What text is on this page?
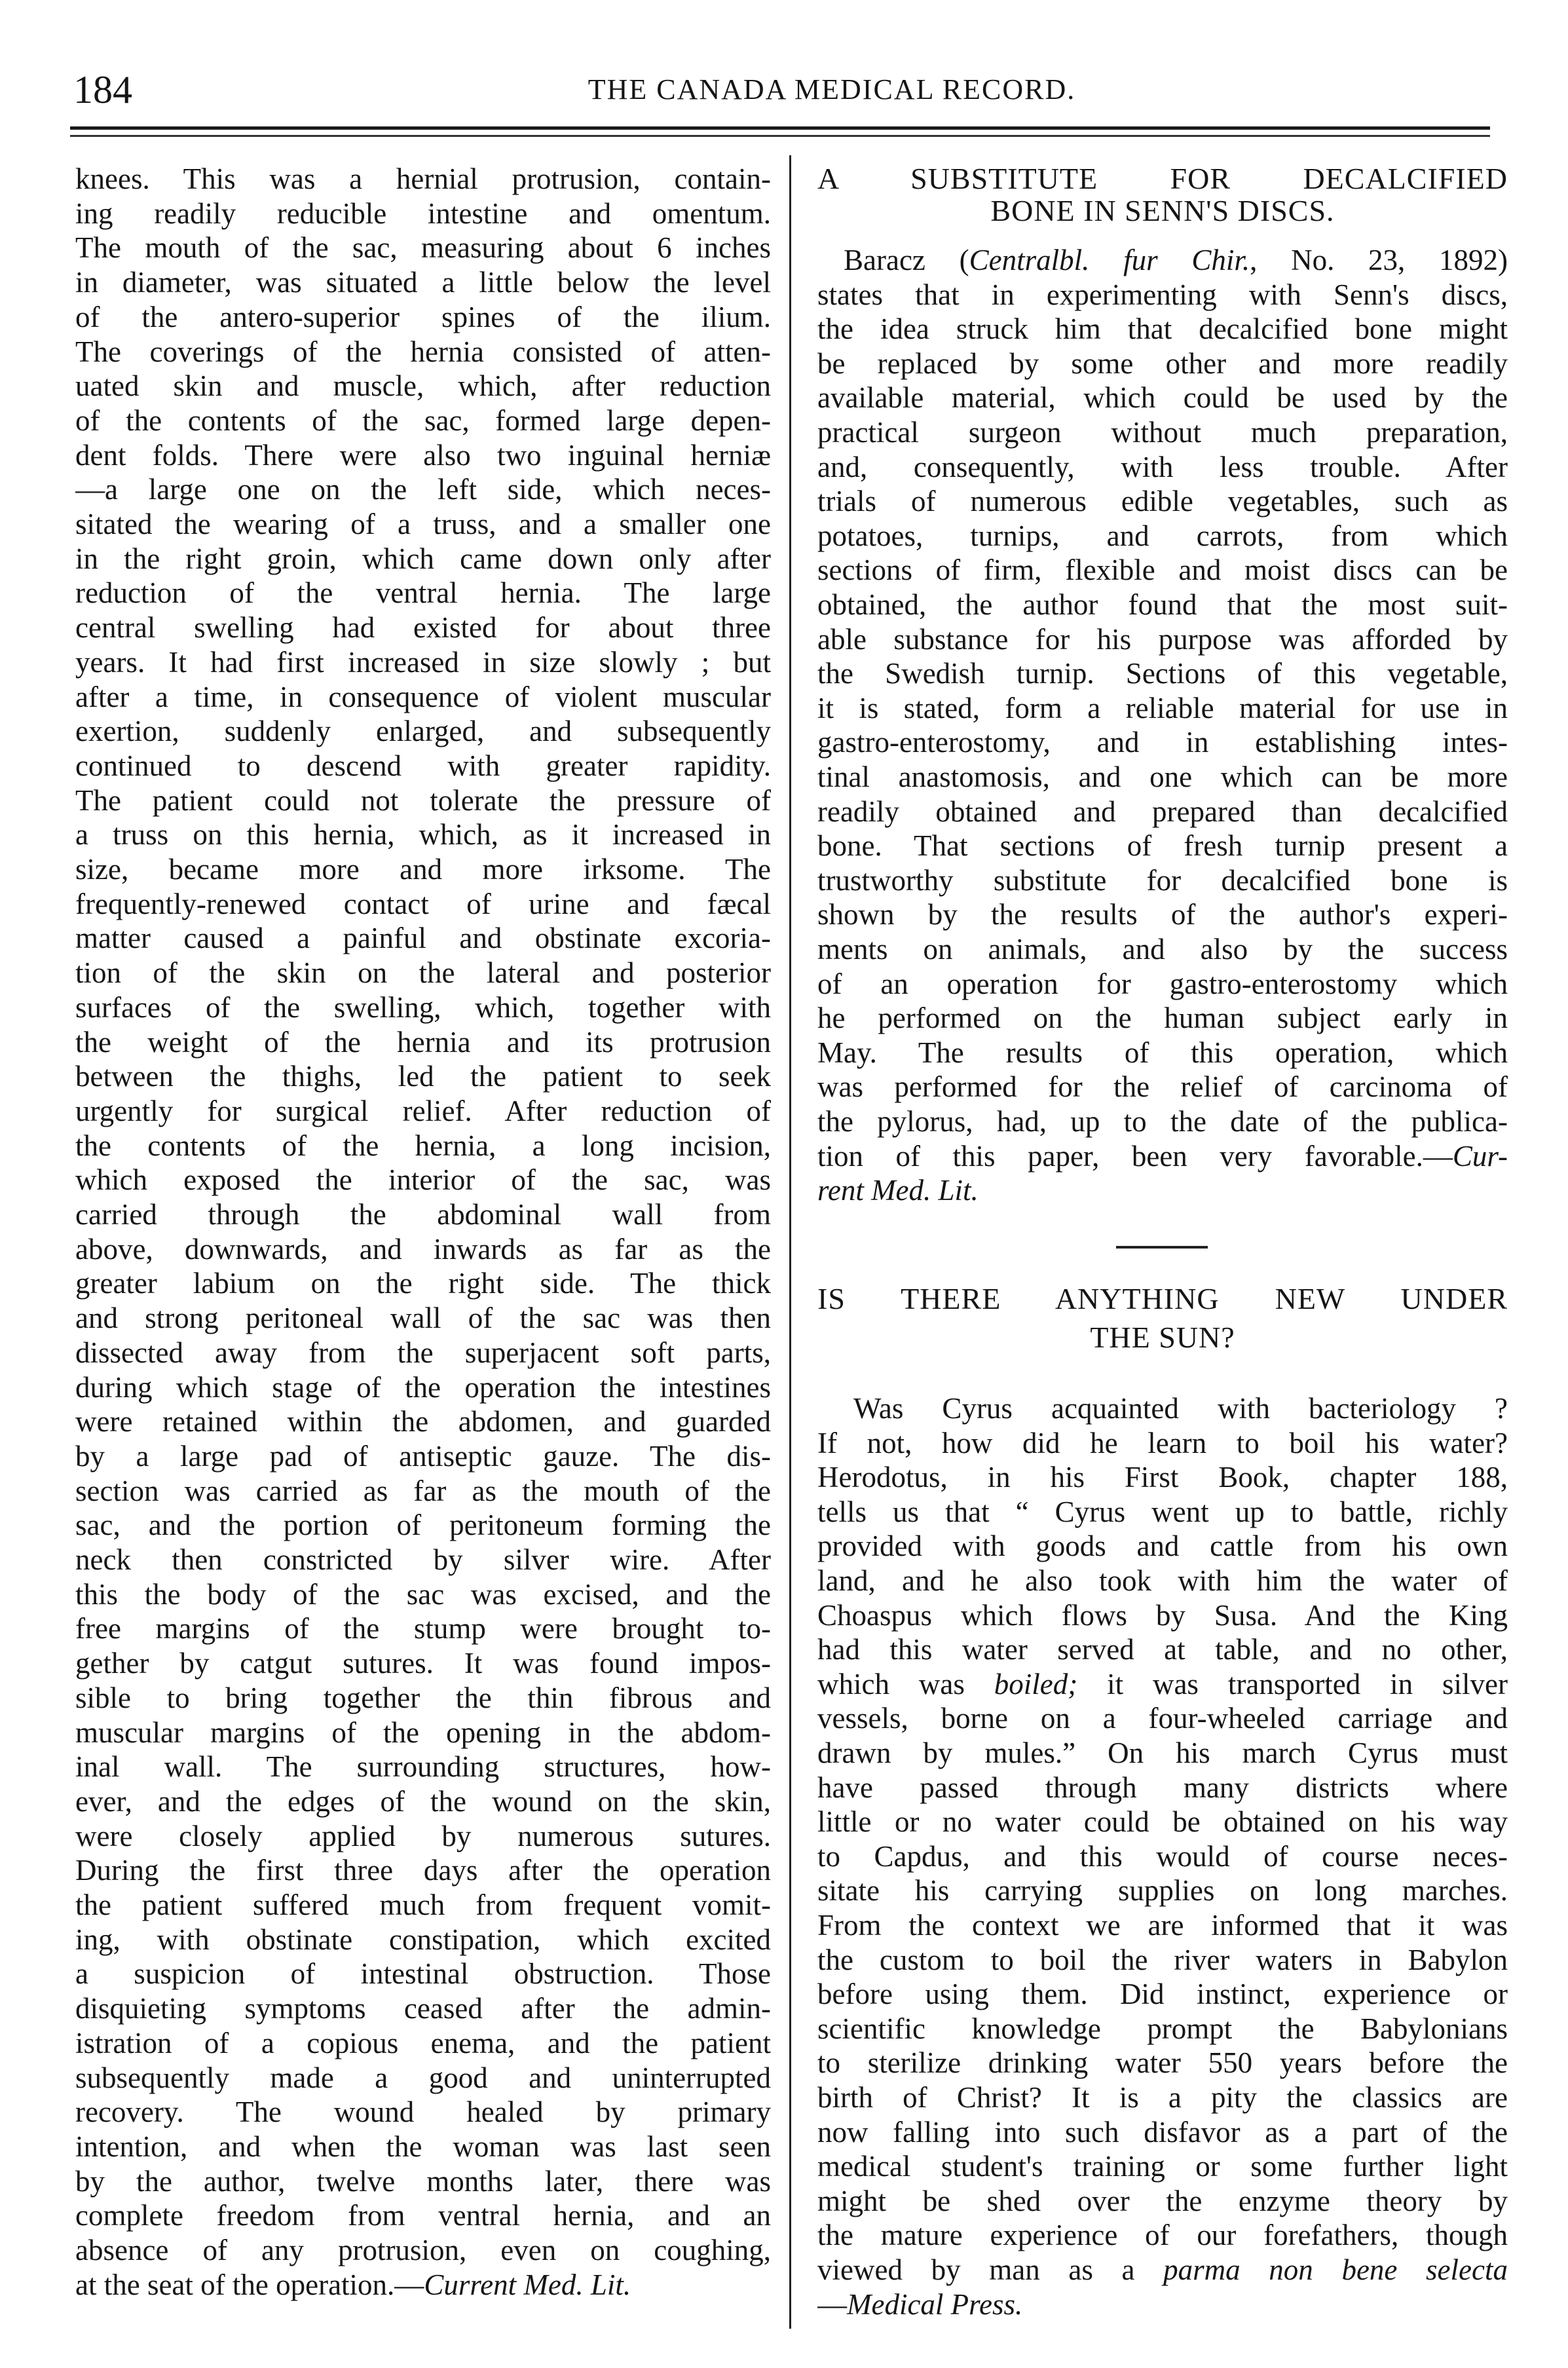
184	THE CANADA MEDICAL RECORD.
knees. This was a hernial protrusion, contain-
ing readily reducible intestine and omentum.
The mouth of the sac, measuring about 6 inches
in diameter, was situated a little below the level
of the antero-superior spines of the ilium.
The coverings of the hernia consisted of atten-
uated skin and muscle, which, after reduction
of the contents of the sac, formed large depen-
dent folds. There were also two inguinal herniæ
—a large one on the left side, which neces-
sitated the wearing of a truss, and a smaller one
in the right groin, which came down only after
reduction of the ventral hernia. The large
central swelling had existed for about three
years. It had first increased in size slowly ; but
after a time, in consequence of violent muscular
exertion, suddenly enlarged, and subsequently
continued to descend with greater rapidity.
The patient could not tolerate the pressure of
a truss on this hernia, which, as it increased in
size, became more and more irksome. The
frequently-renewed contact of urine and fæcal
matter caused a painful and obstinate excoria-
tion of the skin on the lateral and posterior
surfaces of the swelling, which, together with
the weight of the hernia and its protrusion
between the thighs, led the patient to seek
urgently for surgical relief. After reduction of
the contents of the hernia, a long incision,
which exposed the interior of the sac, was
carried through the abdominal wall from
above, downwards, and inwards as far as the
greater labium on the right side. The thick
and strong peritoneal wall of the sac was then
dissected away from the superjacent soft parts,
during which stage of the operation the intestines
were retained within the abdomen, and guarded
by a large pad of antiseptic gauze. The dis-
section was carried as far as the mouth of the
sac, and the portion of peritoneum forming the
neck then constricted by silver wire. After
this the body of the sac was excised, and the
free margins of the stump were brought to-
gether by catgut sutures. It was found impos-
sible to bring together the thin fibrous and
muscular margins of the opening in the abdom-
inal wall. The surrounding structures, how-
ever, and the edges of the wound on the skin,
were closely applied by numerous sutures.
During the first three days after the operation
the patient suffered much from frequent vomit-
ing, with obstinate constipation, which excited
a suspicion of intestinal obstruction. Those
disquieting symptoms ceased after the admin-
istration of a copious enema, and the patient
subsequently made a good and uninterrupted
recovery. The wound healed by primary
intention, and when the woman was last seen
by the author, twelve months later, there was
complete freedom from ventral hernia, and an
absence of any protrusion, even on coughing,
at the seat of the operation.—Current Med. Lit.
A SUBSTITUTE FOR DECALCIFIED
BONE IN SENN'S DISCS.
Baracz (Centralbl. fur Chir., No. 23, 1892)
states that in experimenting with Senn's discs,
the idea struck him that decalcified bone might
be replaced by some other and more readily
available material, which could be used by the
practical surgeon without much preparation,
and, consequently, with less trouble. After
trials of numerous edible vegetables, such as
potatoes, turnips, and carrots, from which
sections of firm, flexible and moist discs can be
obtained, the author found that the most suit-
able substance for his purpose was afforded by
the Swedish turnip. Sections of this vegetable,
it is stated, form a reliable material for use in
gastro-enterostomy, and in establishing intes-
tinal anastomosis, and one which can be more
readily obtained and prepared than decalcified
bone. That sections of fresh turnip present a
trustworthy substitute for decalcified bone is
shown by the results of the author's experi-
ments on animals, and also by the success
of an operation for gastro-enterostomy which
he performed on the human subject early in
May. The results of this operation, which
was performed for the relief of carcinoma of
the pylorus, had, up to the date of the publica-
tion of this paper, been very favorable.—Cur-
rent Med. Lit.
IS THERE ANYTHING NEW UNDER
THE SUN?
Was Cyrus acquainted with bacteriology ?
If not, how did he learn to boil his water?
Herodotus, in his First Book, chapter 188,
tells us that “ Cyrus went up to battle, richly
provided with goods and cattle from his own
land, and he also took with him the water of
Choaspus which flows by Susa. And the King
had this water served at table, and no other,
which was boiled; it was transported in silver
vessels, borne on a four-wheeled carriage and
drawn by mules.” On his march Cyrus must
have passed through many districts where
little or no water could be obtained on his way
to Capdus, and this would of course neces-
sitate his carrying supplies on long marches.
From the context we are informed that it was
the custom to boil the river waters in Babylon
before using them. Did instinct, experience or
scientific knowledge prompt the Babylonians
to sterilize drinking water 550 years before the
birth of Christ? It is a pity the classics are
now falling into such disfavor as a part of the
medical student's training or some further light
might be shed over the enzyme theory by
the mature experience of our forefathers, though
viewed by man as a parma non bene selecta
—Medical Press.
